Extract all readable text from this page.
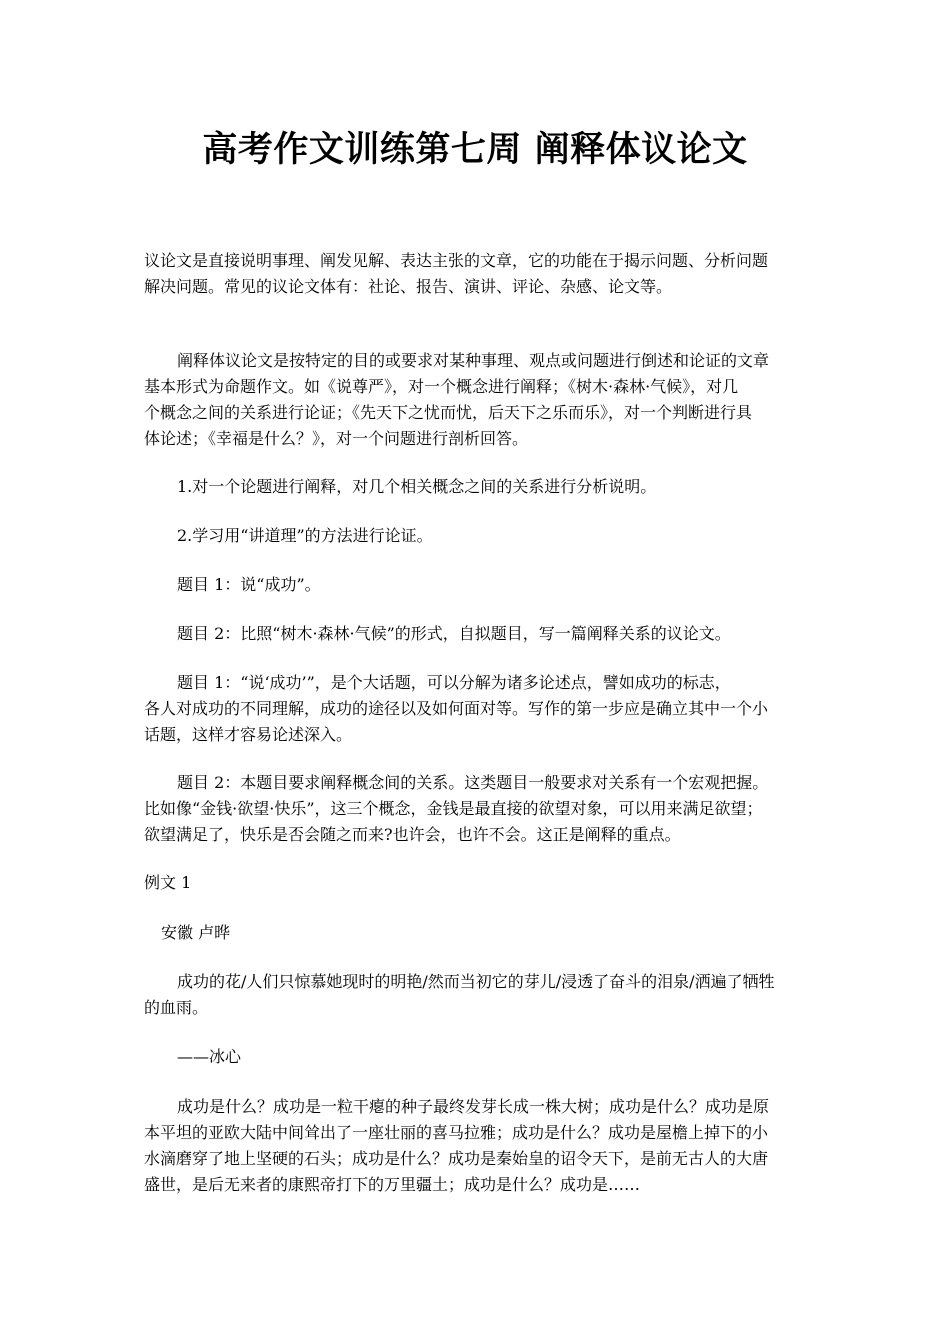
高考作文训练第七周 阐释体议论文

议论文是直接说明事理、阐发见解、表达主张的文章，它的功能在于揭示问题、分析问题
解决问题。常见的议论文体有：社论、报告、演讲、评论、杂感、论文等。

阐释体议论文是按特定的目的或要求对某种事理、观点或问题进行倒述和论证的文章
基本形式为命题作文。如《说尊严》，对一个概念进行阐释；《树木·森林·气候》，对几
个概念之间的关系进行论证；《先天下之忧而忧，后天下之乐而乐》，对一个判断进行具
体论述；《幸福是什么？》，对一个问题进行剖析回答。

1.对一个论题进行阐释，对几个相关概念之间的关系进行分析说明。

2.学习用“讲道理”的方法进行论证。

题目 1：说“成功”。

题目 2：比照“树木·森林·气候”的形式，自拟题目，写一篇阐释关系的议论文。

题目 1：“说‘成功’”，是个大话题，可以分解为诸多论述点，譬如成功的标志，
各人对成功的不同理解，成功的途径以及如何面对等。写作的第一步应是确立其中一个小
话题，这样才容易论述深入。

题目 2：本题目要求阐释概念间的关系。这类题目一般要求对关系有一个宏观把握。
比如像“金钱·欲望·快乐”，这三个概念，金钱是最直接的欲望对象，可以用来满足欲望；
欲望满足了，快乐是否会随之而来?也许会，也许不会。这正是阐释的重点。

例文 1

安徽 卢晔

成功的花/人们只惊慕她现时的明艳/然而当初它的芽儿/浸透了奋斗的泪泉/洒遍了牺牲
的血雨。

——冰心

成功是什么？成功是一粒干瘪的种子最终发芽长成一株大树；成功是什么？成功是原
本平坦的亚欧大陆中间耸出了一座壮丽的喜马拉雅；成功是什么？成功是屋檐上掉下的小
水滴磨穿了地上坚硬的石头；成功是什么？成功是秦始皇的诏令天下，是前无古人的大唐
盛世，是后无来者的康熙帝打下的万里疆土；成功是什么？成功是……
